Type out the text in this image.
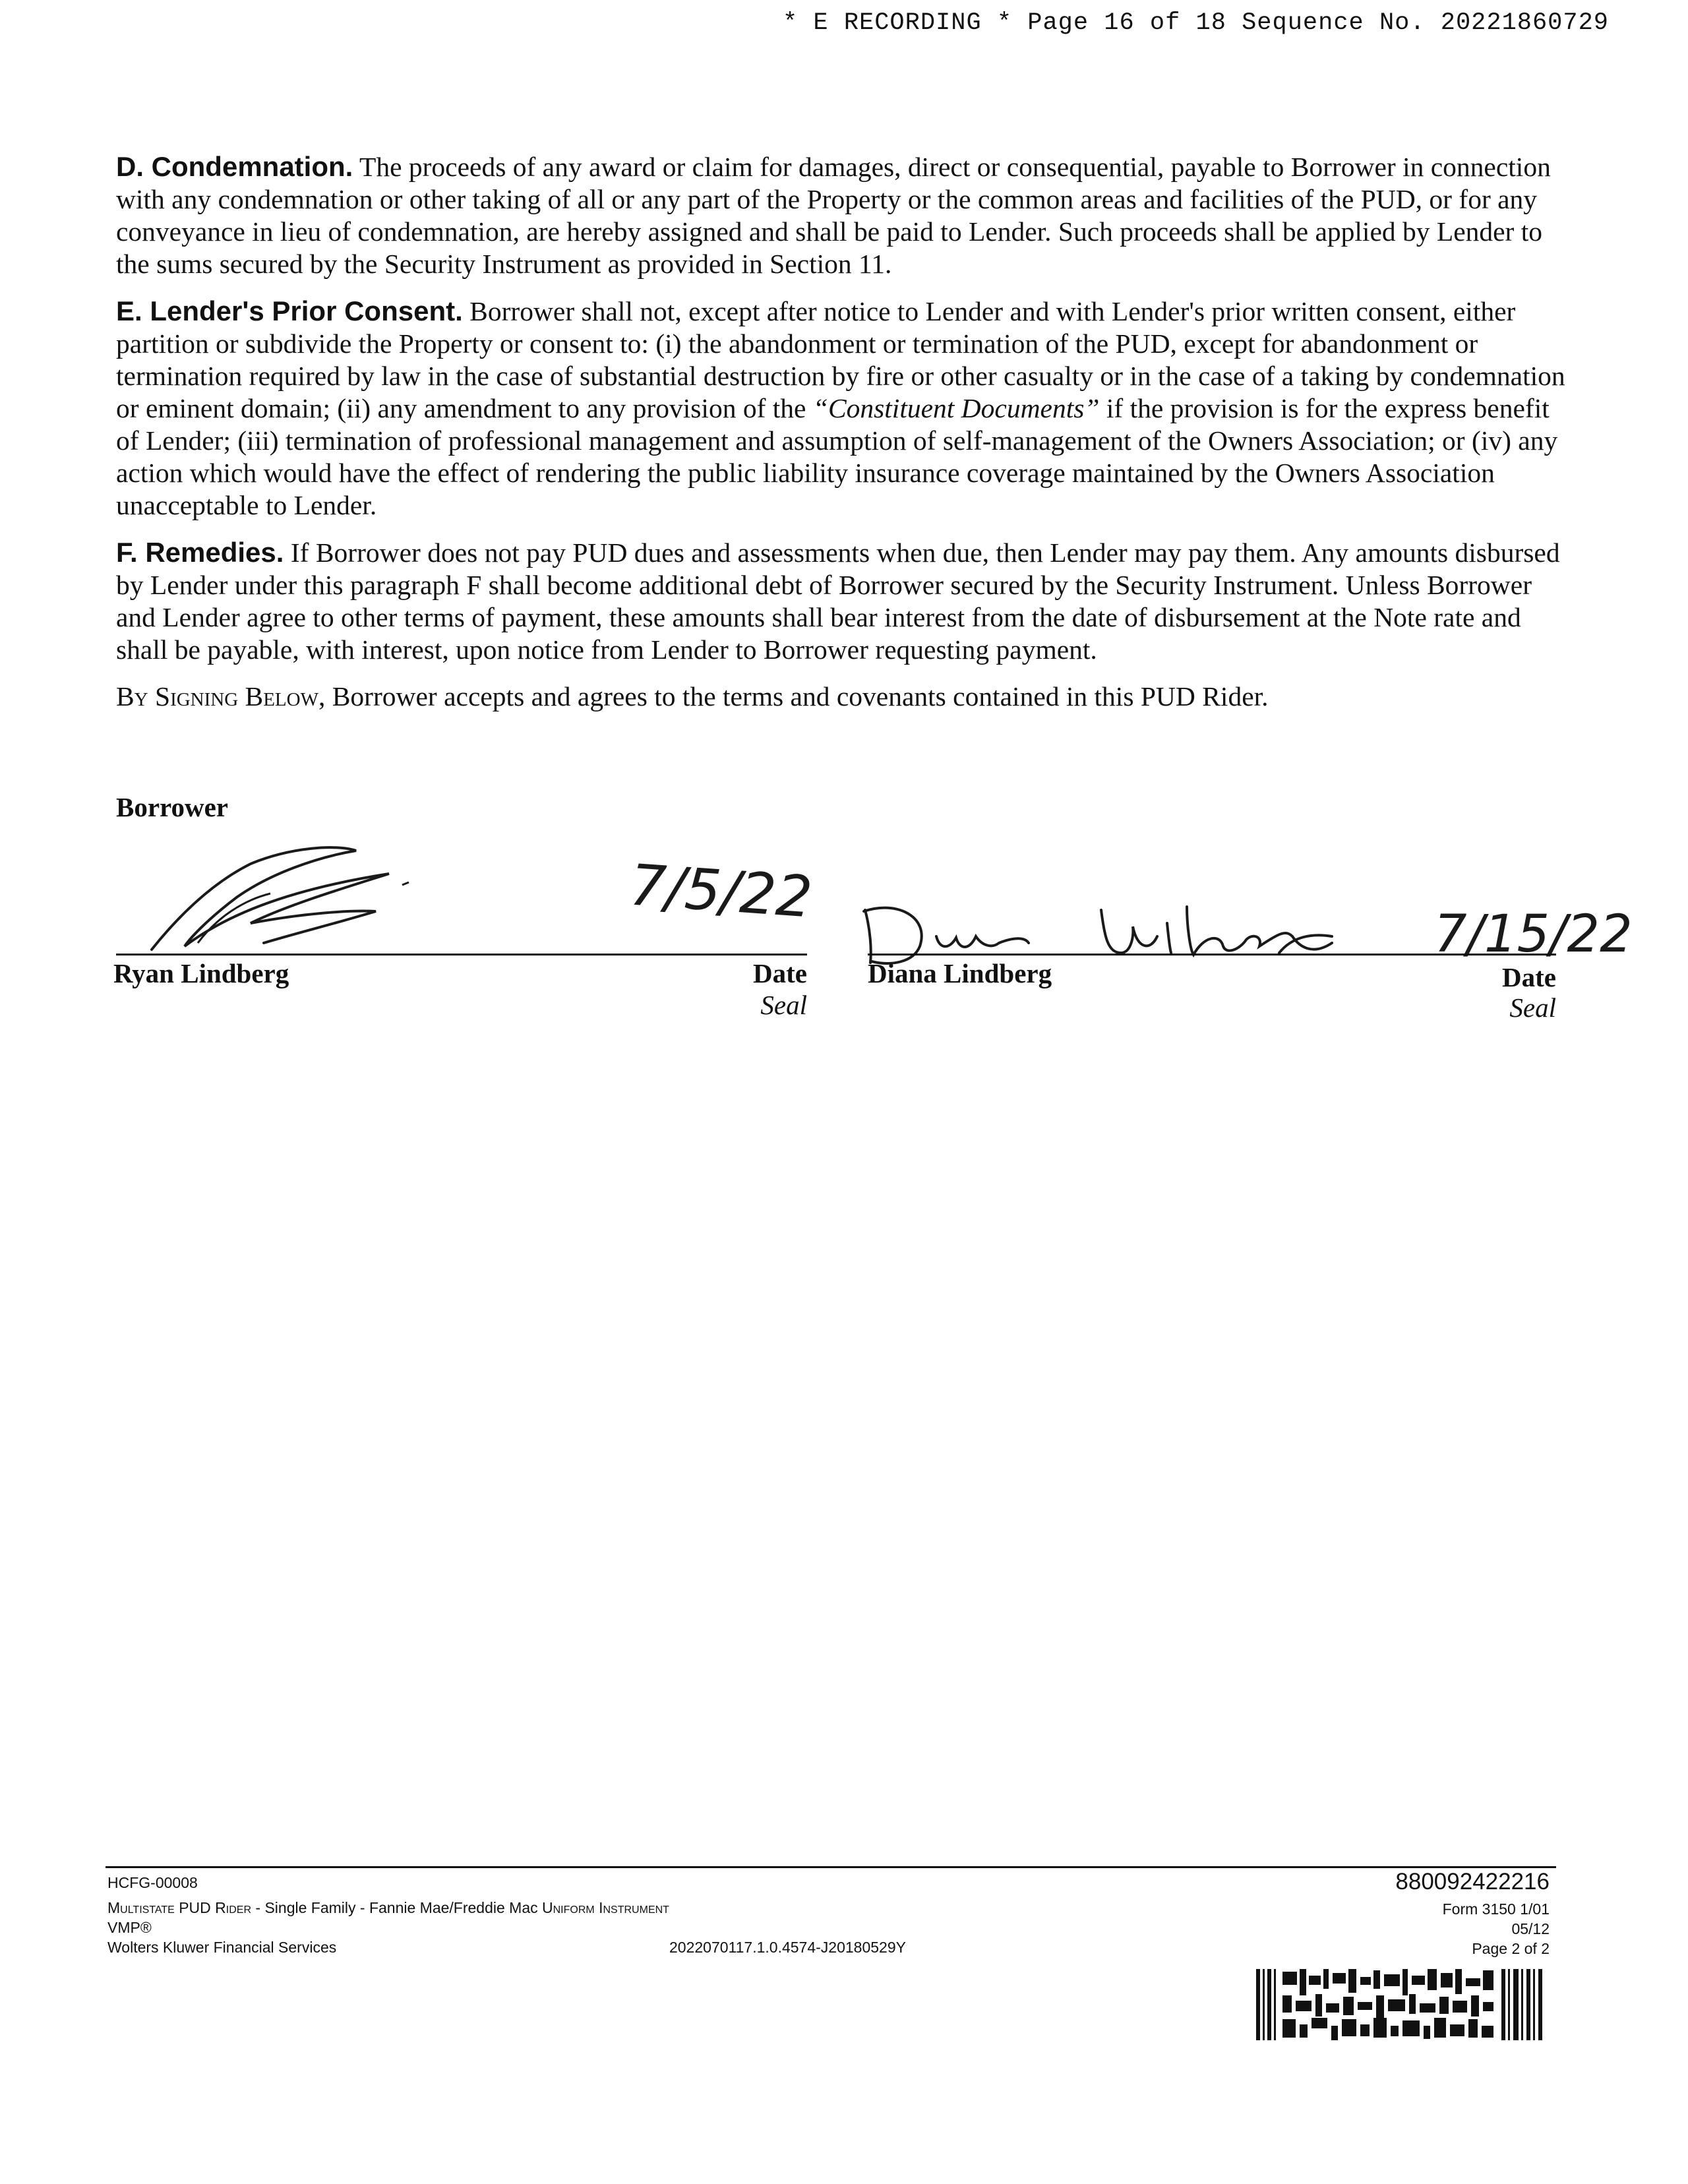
* E RECORDING * Page 16 of 18 Sequence No. 20221860729

D. Condemnation. The proceeds of any award or claim for damages, direct or consequential, payable to Borrower in connection with any condemnation or other taking of all or any part of the Property or the common areas and facilities of the PUD, or for any conveyance in lieu of condemnation, are hereby assigned and shall be paid to Lender. Such proceeds shall be applied by Lender to the sums secured by the Security Instrument as provided in Section 11.

E. Lender's Prior Consent. Borrower shall not, except after notice to Lender and with Lender's prior written consent, either partition or subdivide the Property or consent to: (i) the abandonment or termination of the PUD, except for abandonment or termination required by law in the case of substantial destruction by fire or other casualty or in the case of a taking by condemnation or eminent domain; (ii) any amendment to any provision of the “Constituent Documents” if the provision is for the express benefit of Lender; (iii) termination of professional management and assumption of self-management of the Owners Association; or (iv) any action which would have the effect of rendering the public liability insurance coverage maintained by the Owners Association unacceptable to Lender.

F. Remedies. If Borrower does not pay PUD dues and assessments when due, then Lender may pay them. Any amounts disbursed by Lender under this paragraph F shall become additional debt of Borrower secured by the Security Instrument. Unless Borrower and Lender agree to other terms of payment, these amounts shall bear interest from the date of disbursement at the Note rate and shall be payable, with interest, upon notice from Lender to Borrower requesting payment.

By Signing Below, Borrower accepts and agrees to the terms and covenants contained in this PUD Rider.

Borrower
7/5/22
Ryan Lindberg	Date
Seal
7/15/22
Diana Lindberg	Date
Seal
HCFG-00008
Multistate PUD Rider - Single Family - Fannie Mae/Freddie Mac Uniform Instrument
VMP®
Wolters Kluwer Financial Services	2022070117.1.0.4574-J20180529Y
880092422216
Form 3150 1/01
05/12
Page 2 of 2
